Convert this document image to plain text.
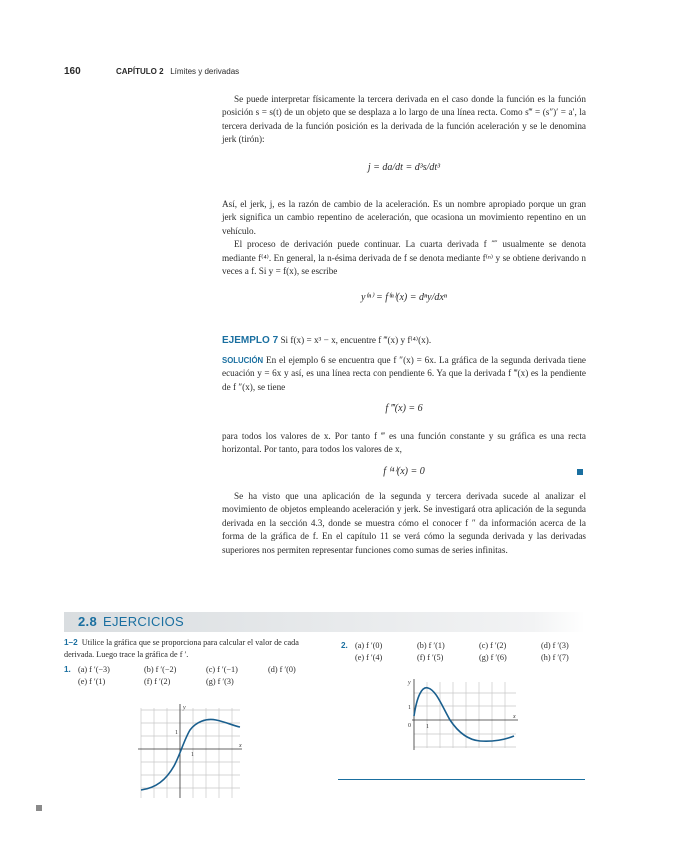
160	CAPÍTULO 2 Límites y derivadas

Se puede interpretar físicamente la tercera derivada en el caso donde la función es la función posición s = s(t) de un objeto que se desplaza a lo largo de una línea recta. Como s‴ = (s″)′ = a′, la tercera derivada de la función posición es la derivada de la función aceleración y se le denomina jerk (tirón):

j = da/dt = d³s/dt³

Así, el jerk, j, es la razón de cambio de la aceleración. Es un nombre apropiado porque un gran jerk significa un cambio repentino de aceleración, que ocasiona un movimiento repentino en un vehículo.

El proceso de derivación puede continuar. La cuarta derivada f ⁗ usualmente se denota mediante f⁽⁴⁾. En general, la n-ésima derivada de f se denota mediante f⁽ⁿ⁾ y se obtiene derivando n veces a f. Si y = f(x), se escribe

y⁽ⁿ⁾ = f⁽ⁿ⁾(x) = dⁿy/dxⁿ

EJEMPLO 7 Si f(x) = x³ − x, encuentre f ‴(x) y f⁽⁴⁾(x).

SOLUCIÓN En el ejemplo 6 se encuentra que f ″(x) = 6x. La gráfica de la segunda derivada tiene ecuación y = 6x y así, es una línea recta con pendiente 6. Ya que la derivada f ‴(x) es la pendiente de f ″(x), se tiene

f ‴(x) = 6

para todos los valores de x. Por tanto f ‴ es una función constante y su gráfica es una recta horizontal. Por tanto, para todos los valores de x,

f ⁽⁴⁾(x) = 0

Se ha visto que una aplicación de la segunda y tercera derivada sucede al analizar el movimiento de objetos empleando aceleración y jerk. Se investigará otra aplicación de la segunda derivada en la sección 4.3, donde se muestra cómo el conocer f ″ da información acerca de la forma de la gráfica de f. En el capítulo 11 se verá cómo la segunda derivada y las derivadas superiores nos permiten representar funciones como sumas de series infinitas.

2.8 EJERCICIOS
1–2 Utilice la gráfica que se proporciona para calcular el valor de cada derivada. Luego trace la gráfica de f ′.
1. (a) f ′(−3)	(b) f ′(−2)	(c) f ′(−1)	(d) f ′(0)
(e) f ′(1)	(f) f ′(2)	(g) f ′(3)
2. (a) f ′(0)	(b) f ′(1)	(c) f ′(2)	(d) f ′(3)
(e) f ′(4)	(f) f ′(5)	(g) f ′(6)	(h) f ′(7)
y
x
1
1
y
x
1
1
0
